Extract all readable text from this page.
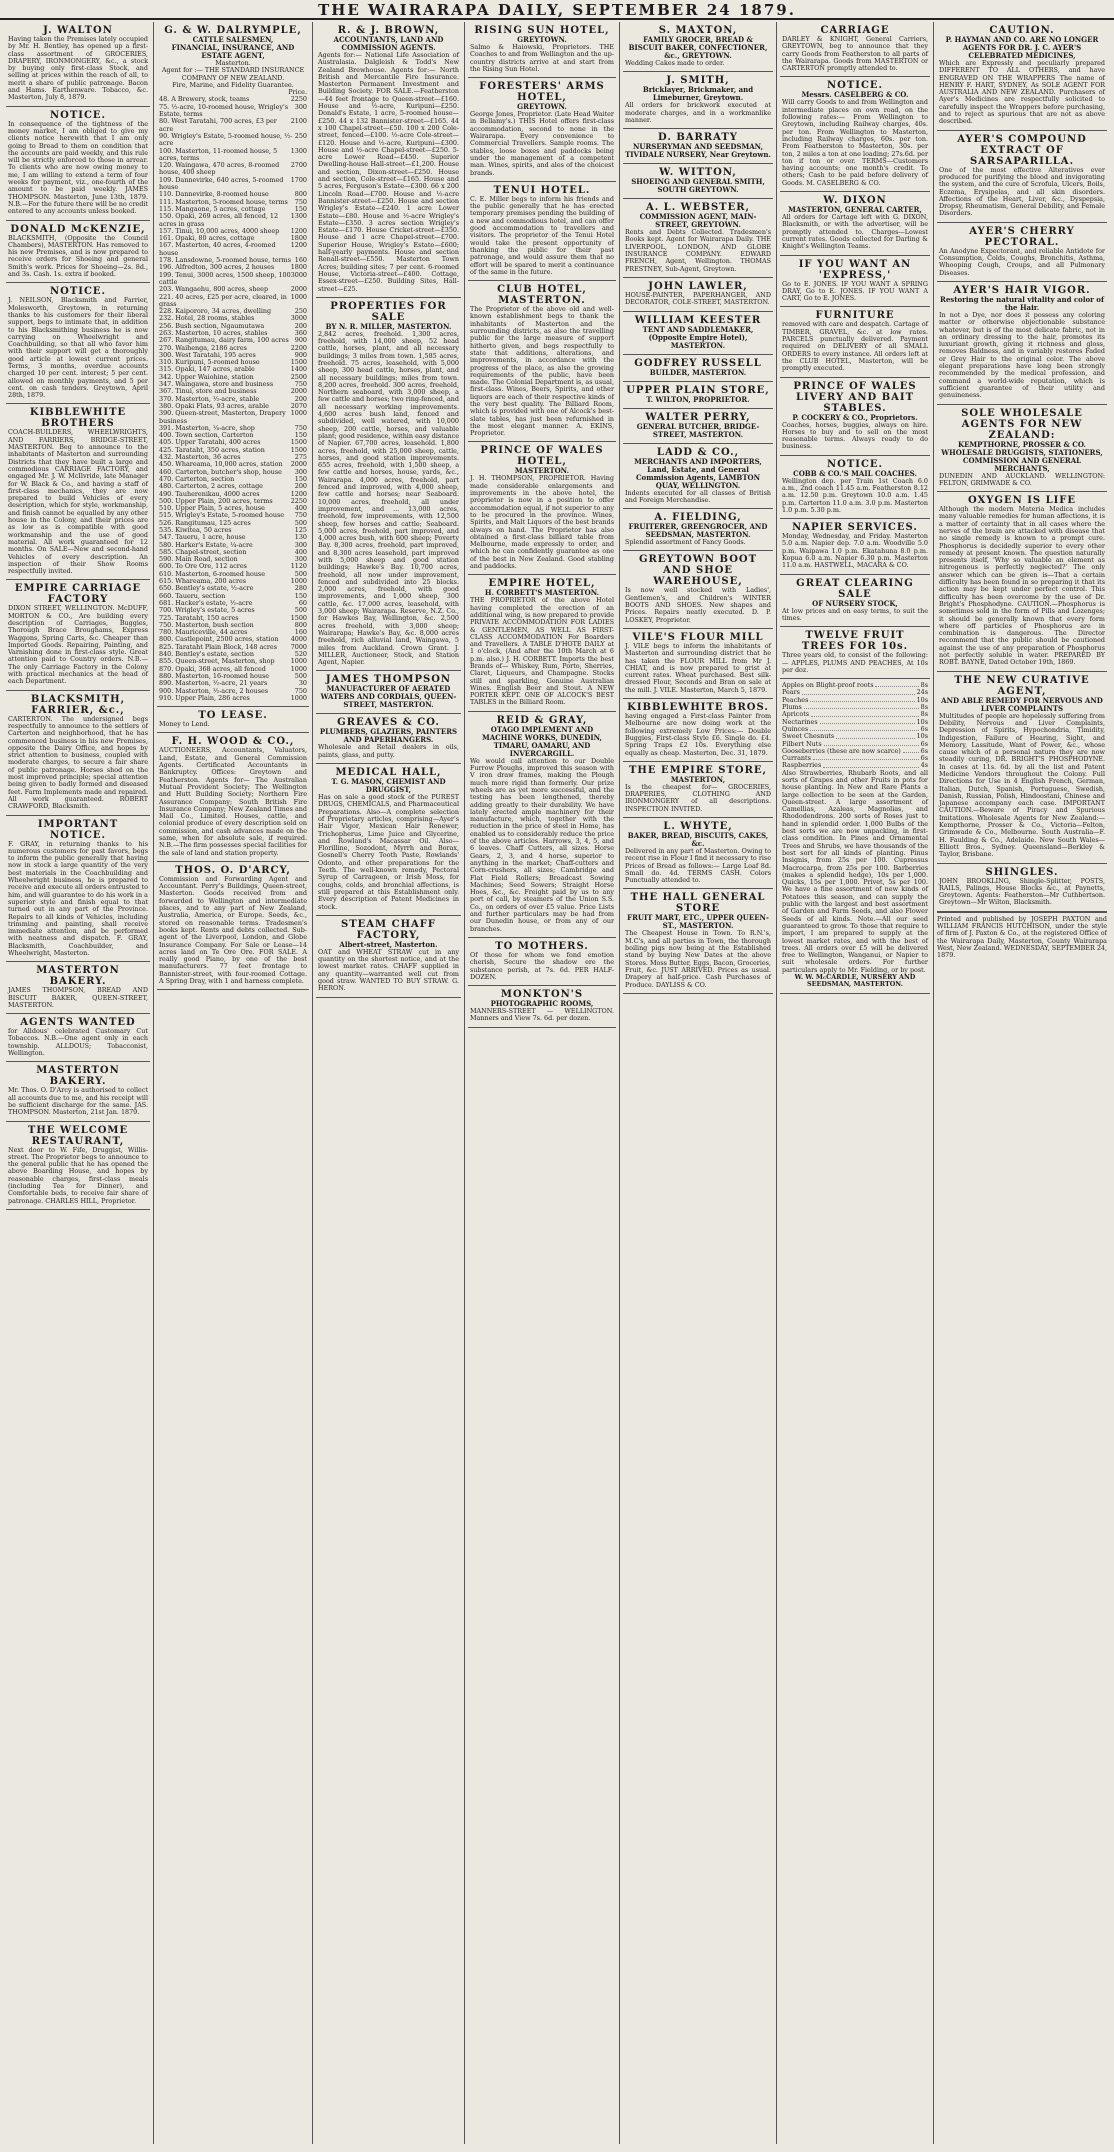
THE WAIRARAPA DAILY, SEPTEMBER 24 1879.
J. WALTON
Having taken the Premises lately occupied by Mr. H. Bentley, has opened up a first-class assortment of GROCERIES, DRAPERY, IRONMONGERY, &c., a stock by buying only first-class Stock, and selling at prices within the reach of all, to merit a share of public patronage. Bacon and Hams. Earthenware. Tobacco, &c. Masterton, July 8, 1879.
NOTICE.
In consequence of the tightness of the money market, I am obliged to give my clients notice herewith that I am only going to Bread to them on condition that the accounts are paid weekly, and this rule will be strictly enforced to those in arrear. To clients who are now owing money to me, I am willing to extend a term of four weeks for payment, viz., one-fourth of the amount to be paid weekly. JAMES THOMPSON. Masterton, June 13th, 1879. N.B.—For the future there will be no credit entered to any accounts unless booked.
DONALD McKENZIE,
BLACKSMITH, (Opposite the Council Chambers), MASTERTON. Has removed to his new Premises, and is now prepared to receive orders for Shoeing and general Smith's work. Prices for Shoeing—2s. 8d., and 3s. Cash. 1s. extra if booked.
NOTICE.
J. NEILSON, Blacksmith and Farrier, Molesworth, Greytown, in returning thanks to his customers for their liberal support, begs to intimate that, in addition to his Blacksmithing business he is now carrying on Wheelwright and Coachbuilding, so that all who favor him with their support will get a thoroughly good article at lowest current prices. Terms, 3 months, overdue accounts charged 10 per cent. interest; 5 per cent. allowed on monthly payments, and 5 per cent. on cash tenders. Greytown, April 28th, 1879.
KIBBLEWHITE BROTHERS
COACH-BUILDERS, WHEELWRIGHTS, AND FARRIERS, BRIDGE-STREET, MASTERTON. Beg to announce to the inhabitants of Masterton and surrounding Districts that they have built a large and commodious CARRIAGE FACTORY, and engaged Mr. J. W. McIlvride, late Manager for W. Black & Co., and having a staff of first-class mechanics, they are now prepared to build Vehicles of every description, which for style, workmanship, and finish cannot be equalled by any other house in the Colony, and their prices are as low as is compatible with good workmanship and the use of good material. All work guaranteed for 12 months. On SALE—New and second-hand Vehicles of every description. An inspection of their Show Rooms respectfully invited.
EMPIRE CARRIAGE FACTORY
DIXON STREET, WELLINGTON. McDUFF, MORTON & CO., Are building every description of Carriages, Buggies, Thorough Brace Broughams, Express Waggons, Spring Carts, &c. Cheaper than Imported Goods. Repairing, Painting, and Varnishing done in first-class style. Great attention paid to Country orders. N.B.—The only Carriage Factory in the Colony with practical mechanics at the head of each Department.
BLACKSMITH, FARRIER, &c.,
CARTERTON. The undersigned begs respectfully to announce to the settlers of Carterton and neighborhood, that he has commenced business in his new Premises, opposite the Dairy Office, and hopes by strict attention to business, coupled with moderate charges, to secure a fair share of public patronage. Horses shod on the most improved principle; special attention being given to badly formed and diseased feet. Farm Implements made and repaired. All work guaranteed. ROBERT CRAWFORD, Blacksmith.
IMPORTANT NOTICE.
F. GRAY, in returning thanks to his numerous customers for past favors, begs to inform the public generally that having now in stock a large quantity of the very best materials in the Coachbuilding and Wheelwright business, he is prepared to receive and execute all orders entrusted to him, and will guarantee to do his work in a superior style and finish equal to that turned out in any part of the Province. Repairs to all kinds of Vehicles, including trimming and painting, shall receive immediate attention, and be performed with neatness and dispatch. F. GRAY, Blacksmith, Coachbuilder, and Wheelwright, Masterton.
MASTERTON BAKERY.
JAMES THOMPSON, BREAD AND BISCUIT BAKER, QUEEN-STREET, MASTERTON.
AGENTS WANTED
for Alldous' celebrated Customary Cut Tobaccos. N.B.—One agent only in each township. ALLDOUS; Tobacconist, Wellington.
MASTERTON BAKERY.
Mr. Thos. O. D'Arcy is authorised to collect all accounts due to me, and his receipt will be sufficient discharge for the same. JAS. THOMPSON. Masterton, 21st Jan. 1879.
THE WELCOME RESTAURANT,
Next door to W. Fife, Druggist, Willis-street. The Proprietor begs to announce to the general public that he has opened the above Boarding House, and hopes by reasonable charges, first-class meals (including Tea for Dinner), and Comfortable beds, to receive fair share of patronage. CHARLES HILL, Proprietor.
G. & W. DALRYMPLE,
CATTLE SALESMEN,
FINANCIAL, INSURANCE, AND ESTATE AGENT,
Masterton.
Agent for :— THE STANDARD INSURANCE COMPANY OF NEW ZEALAND.
Fire, Marine, and Fidelity Guarantee.
Price.
48. A Brewery, stock, teams	2250
75. ½-acre, 10-roomed house, Wrigley's Estate, terms
300
80. West Taratahi, 700 acres, £3 per acre
2100
90. Wrigley's Estate, 5-roomed house, ½-acre
250
100. Masterton, 11-roomed house, 5 acres, terms
1300
120. Waingawa, 470 acres, 8-roomed house, 400 sheep
2700
109. Dannevirke, 640 acres, 5-roomed house
1700
110. Dannevirke, 8-roomed house	800
111. Masterton, 5-roomed house, terms 750
115. Mangaone, 5 acres, cottage	150
150. Opaki, 269 acres, all fenced, 12 acres in grass
1300
157. Tinui, 10,000 acres, 4000 sheep 1200
161. Opaki, 80 acres, cottage	1800
167. Masterton, 40 acres, 4-roomed house
1200
178. Lansdowne, 5-roomed house, terms 160
196. Alfredton, 300 acres, 2 houses	1800
199. Tenui, 3000 acres, 1500 sheep, 100 cattle
3000
203. Wangaehu, 800 acres, sheep	2000
221. 40 acres, £25 per acre, cleared, in grass
1000
228. Kaipororo, 34 acres, dwelling	250
232. Hotel, 28 rooms, stables	3000
256. Bush section, Ngaumutawa	200
263. Masterton, 10 acres, stables	360
267. Rangitumau, dairy farm, 100 acres 900
270. Waihenga, 2186 acres	2200
300. West Taratahi, 195 acres	900
310. Kuripuni, 5-roomed house	1500
315. Opaki, 147 acres, arable	1400
342. Upper Waiohine, station	2500
347. Waingawa, store and business	750
367. Tinui, store and business	2000
370. Masterton, ½-acre, stable	200
380. Opaki Flats, 93 acres, arable	2070
390. Queen-street, Masterton, Drapery business
1000
391. Masterton, ¼-acre, shop	750
400. Town section, Carterton	150
405. Upper Taratahi, 400 acres	1500
425. Tarataht, 350 acres, station	1500
432. Masterton, 36 acres	275
450. Whareama, 10,000 acres, station 2000
460. Carterton, butcher's shop, house 300
470. Carterton, section	150
480. Carterton, 2 acres, cottage	200
490. Tauherenikau, 4000 acres	1200
500. Upper Plain, 200 acres, terms	2250
510. Upper Plain, 5 acres, house	400
515. Wrigley's Estate, 5-roomed house 750
526. Rangitumau, 125 acres	500
535. Kiwitea, 50 acres	125
547. Taueru, 1 acre, house	130
580. Harker's Estate, ¼-acre	300
585. Chapel-street, section	400
590. Main Road, section	300
600. To Ore Ore, 112 acres	1120
610. Masterton, 6-roomed house	500
615. Whareama, 200 acres	1000
650. Bentley's estate, ½-acre	280
660. Taueru, section	150
681. Hacker's estate, ½-acre	60
700. Wrigley's estate, 5 acres	500
725. Tarataht, 150 acres	1500
750. Masterton, bush section	800
780. Mauriceville, 44 acres	160
800. Castlepoint, 2500 acres, station 4000
825. Tarataht Plain Block, 148 acres 7000
840. Bentley's estate, section	520
855. Queen-street, Masterton, shop	1000
870. Opaki, 368 acres, all fenced	1000
880. Masterton, 16-roomed house	500
890. Masterton, ½-acre, 21 years	30
900. Masterton, ½-acre, 2 houses	750
910. Upper Plain, 286 acres	1000
TO LEASE.
Money to Lend.
F. H. WOOD & CO.,
AUCTIONEERS, Accountants, Valuators, Land, Estate, and General Commission Agents. Certificated Accountants in Bankruptcy. Offices: Greytown and Featherston. Agents for— The Australian Mutual Provident Society; The Wellington and Hutt Building Society; Northern Fire Assurance Company; South British Fire Insurance Company; New Zealand Times and Mail Co., Limited. Houses, cattle, and colonial produce of every description sold on commission, and cash advances made on the same, when for absolute sale, if required. N.B.—The firm possesses special facilities for the sale of land and station property.
THOS. O. D'ARCY,
Commission and Forwarding Agent and Accountant. Perry's Buildings, Queen-street, Masterton. Goods received from and forwarded to Wellington and intermediate places, and to any part of New Zealand, Australia, America, or Europe. Seeds, &c., stored on reasonable terms. Tradesmen's books kept. Rents and debts collected. Sub-agent of the Liverpool, London, and Globe Insurance Company. For Sale or Lease—14 acres land on Te Ore Ore. FOR SALE. A really good Piano, by one of the best manufacturers. 77 feet frontage to Bannister-street, with four-roomed Cottage. A Spring Dray, with 1 and harness complete.
R. & J. BROWN,
ACCOUNTANTS, LAND AND COMMISSION AGENTS.
Agents for:— National Life Association of Australasia. Dalgleish & Todd's New Zealand Brewhouse. Agents for:— North British and Mercantile Fire Insurance. Masterton Permanent Investment and Building Society. FOR SALE.—Featherston—44 feet frontage to Queen-street—£160. House and ½-acre, Kuripuni—£250. Donald's Estate, 1 acre, 5-roomed house—£250. 44 x 132 Bannister-street—£165. 44 x 100 Chapel-street—£50. 100 x 200 Cole-street, fenced—£100. ½-acre Cole-street—£120. House and ½-acre, Kuripuni—£300. House and ½-acre Chapel-street—£250. 5-acre Lower Road—£450. Superior Dwelling-house Hall-street—£1,200. House and section, Dixon-street—£250. House and section, Cole-street—£165. House and 5 acres, Ferguson's Estate—£300. 66 x 200 Lincoln Road—£700. House and ½-acre Bannister-street—£250. House and section Wrigley's Estate—£240. 1 acre Lower Estate—£80. House and ½-acre Wrigley's Estate—£350. 3 acres section Wrigley's Estate—£170. House Cricket-street—£350. House and 1 acre Chapel-street—£700. Superior House, Wrigley's Estate—£600; half-yearly payments. House and section Renall-street—£550. Masterton Town Acres; building sites; 7 per cent. 6-roomed House, Victoria-street—£400. Cottage, Essex-street—£250. Building Sites, Hall-street—£25.
PROPERTIES FOR SALE
BY N. R. MILLER, MASTERTON.
2,842 acres, freehold. 1,300 acres, freehold, with 14,000 sheep, 52 head cattle, horses, plant, and all necessary buildings; 3 miles from town. 1,585 acres, freehold. 75 acres, leasehold, with 5,000 sheep, 300 head cattle, horses, plant, and all necessary buildings; miles from town. 8,200 acres, freehold. 300 acres, freehold, Northern seaboard, with 3,000 sheep, a few cattle and horses; two ring-fenced, and all necessary working improvements. 4,600 acres bush land, fenced and subdivided, well watered, with 10,000 sheep, 200 cattle, horses, and valuable plant; good residence, within easy distance of Napier. 67,700 acres, leasehold. 1,800 acres, freehold, with 25,000 sheep, cattle, horses, and good station improvements. 655 acres, freehold, with 1,500 sheep, a few cattle and horses, house, yards, &c., Wairarapa. 4,000 acres, freehold, part fenced and improved, with 4,000 sheep, few cattle and horses; near Seaboard. 10,000 acres, freehold, all under improvement, and ... 13,000 acres, freehold, few improvements, with 12,500 sheep, few horses and cattle; Seaboard. 5,000 acres, freehold, part improved, and 4,000 acres bush, with 600 sheep; Poverty Bay. 8,300 acres, freehold, part improved, and 8,300 acres leasehold, part improved with 5,000 sheep and good station buildings; Hawke's Bay. 10,700 acres, freehold, all now under improvement, fenced and subdivided into 25 blocks. 2,000 acres, freehold, with good improvements, and 1,000 sheep, 300 cattle, &c. 17,000 acres, leasehold, with 3,000 sheep; Wairarapa. Reserve, N.Z. Co., for Hawkes Bay, Wellington, &c. 2,500 acres freehold, with 3,000 sheep; Wairarapa; Hawke's Bay, &c. 8,000 acres freehold, rich alluvial land, Waingawa, 5 miles from Auckland. Crown Grant. J. MILLER, Auctioneer, Stock, and Station Agent, Napier.
JAMES THOMPSON
MANUFACTURER OF AERATED WATERS AND CORDIALS, QUEEN-STREET, MASTERTON.
GREAVES & CO.
PLUMBERS, GLAZIERS, PAINTERS AND PAPERHANGERS.
Wholesale and Retail dealers in oils, paints, glass, and putty.
MEDICAL HALL,
T. G. MASON, CHEMIST AND DRUGGIST,
Has on sale a good stock of the PUREST DRUGS, CHEMICALS, and Pharmaceutical Preparations. Also—A complete selection of Proprietary articles, comprising—Ayer's Hair Vigor, Mexican Hair Renewer, Trichopherus, Lime Juice and Glycerine, and Rowland's Macassar Oil. Also—Florilline, Sozodont, Myrrh and Borax, Gosnell's Cherry Tooth Paste, Rowlands' Odonto, and other preparations for the Teeth. The well-known remedy, Pectoral Syrup of Carrageen, or Irish Moss, for coughs, colds, and bronchial affections, is still prepared at this Establishment only. Every description of Patent Medicines in stock.
STEAM CHAFF FACTORY,
Albert-street, Masterton.
OAT and WHEAT STRAW cut in any quantity on the shortest notice, and at the lowest market rates. CHAFF supplied in any quantity—warranted well cut from good straw. WANTED TO BUY STRAW. G. HERON.
RISING SUN HOTEL,
GREYTOWN.
Salmo & Haiowski, Proprietors. THE Coaches to and from Wellington and the up-country districts arrive at and start from the Rising Sun Hotel.
FORESTERS' ARMS HOTEL,
GREYTOWN.
George Jones, Proprietor. (Late Head Waiter in Bellamy's.) THIS Hotel offers first-class accommodation, second to none in the Wairarapa. Every convenience to Commercial Travellers. Sample rooms. The stables, loose boxes and paddocks being under the management of a competent man. Wines, spirits, and ales of the choicest brands.
TENUI HOTEL.
C. E. Miller begs to inform his friends and the public generally that he has erected temporary premises pending the building of a new and commodious hotel, and can offer good accommodation to travellers and visitors. The proprietor of the Tenui Hotel would take the present opportunity of thanking the public for their past patronage, and would assure them that no effort will be spared to merit a continuance of the same in the future.
CLUB HOTEL, MASTERTON.
The Proprietor of the above old and well-known establishment begs to thank the inhabitants of Masterton and the surrounding districts, as also the travelling public for the large measure of support hitherto given, and begs respectfully to state that additions, alterations, and improvements, in accordance with the progress of the place, as also the growing requirements of the public, have been made. The Colonial Department is, as usual, first-class. Wines, Beers, Spirits, and other liquors are each of their respective kinds of the very best quality. The Billiard Room, which is provided with one of Alcock's best-slate tables, has just been refurnished in the most elegant manner. A. EKINS, Proprietor.
PRINCE OF WALES HOTEL,
MASTERTON.
J. H. THOMPSON, PROPRIETOR. Having made considerable enlargements and improvements in the above hotel, the proprietor is now in a position to offer accommodation equal, if not superior to any to be procured in the province. Wines, Spirits, and Malt Liquors of the best brands always on hand. The Proprietor has also obtained a first-class billiard table from Melbourne, made expressly to order, and which he can confidently guarantee as one of the best in New Zealand. Good stabling and paddocks.
EMPIRE HOTEL,
H. CORBETT'S MASTERTON.
THE PROPRIETOR of the above Hotel having completed the erection of an additional wing, is now prepared to provide PRIVATE ACCOMMODATION FOR LADIES & GENTLEMEN, AS WELL AS FIRST-CLASS ACCOMMODATION For Boarders and Travellers. A TABLE D'HOTE DAILY at 1 o'clock, (And after the 10th March at 6 p.m. also.) J. H. CORBETT. Imports the best Brands of— Whiskey, Rum, Porto, Sherries, Claret, Liqueurs, and Champagne. Stocks still and sparkling, Genuine Australian Wines. English Beer and Stout. A NEW PORTER KEPT. ONE OF ALCOCK'S BEST TABLES in the Billiard Room.
REID & GRAY,
OTAGO IMPLEMENT AND MACHINE WORKS, DUNEDIN, TIMARU, OAMARU, AND INVERCARGILL.
We would call attention to our Double Furrow Ploughs, improved this season with V iron draw frames, making the Plough much more rigid than formerly. Our prize wheels are as yet more successful, and the testing has been lengthened, thereby adding greatly to their durability. We have lately erected ample machinery for their manufacture, which, together with the reduction in the price of steel in Home, has enabled us to considerably reduce the price of the above articles. Harrows, 3, 4, 5, and 6 leaves. Chaff Cutters, all sizes. Horse Gears, 2, 3, and 4 horse, superior to anything in the market; Chaff-cutters and Corn-crushers, all sizes; Cambridge and Flat Field Rollers; Broadcast Sowing Machines; Seed Sowers; Straight Horse Hoes, &c., &c. Freight paid by us to any port of call, by steamers of the Union S.S. Co., on orders of over £5 value. Price Lists and further particulars may be had from our Dunedin house, or from any of our branches.
TO MOTHERS.
Of those for whom we fond emotion cherish, Secure the shadow ere the substance perish, at 7s. 6d. PER HALF-DOZEN.
MONKTON'S
PHOTOGRAPHIC ROOMS,
MANNERS-STREET — WELLINGTON. Manners and View 7s. 6d. per dozen.
S. MAXTON,
FAMILY GROCER, BREAD & BISCUIT BAKER, CONFECTIONER, &c., GREYTOWN.
Wedding Cakes made to order.
J. SMITH,
Bricklayer, Brickmaker, and Limeburner, Greytown.
All orders for brickwork executed at moderate charges, and in a workmanlike manner.
D. BARRATY
NURSERYMAN AND SEEDSMAN, TIVIDALE NURSERY, Near Greytown.
W. WITTON,
SHOEING AND GENERAL SMITH, SOUTH GREYTOWN.
A. L. WEBSTER,
COMMISSION AGENT, MAIN-STREET, GREYTOWN.
Rents and Debts Collected. Tradesmen's Books kept. Agent for Wairarapa Daily. THE LIVERPOOL, LONDON, AND GLOBE INSURANCE COMPANY. EDWARD FRENCH, Agent, Wellington. THOMAS PRESTNEY, Sub-Agent, Greytown.
JOHN LAWLER,
HOUSE-PAINTER, PAPERHANGER, AND DECORATOR, COLE-STREET, MASTERTON.
WILLIAM KEESTER
TENT AND SADDLEMAKER, (Opposite Empire Hotel), MASTERTON.
GODFREY RUSSELL
BUILDER, MASTERTON.
UPPER PLAIN STORE,
T. WILTON, PROPRIETOR.
WALTER PERRY,
GENERAL BUTCHER, BRIDGE-STREET, MASTERTON.
LADD & CO.,
MERCHANTS AND IMPORTERS, Land, Estate, and General Commission Agents, LAMBTON QUAY, WELLINGTON.
Indents executed for all classes of British and Foreign Merchandise.
A. FIELDING,
FRUITERER, GREENGROCER, AND SEEDSMAN, MASTERTON.
Splendid assortment of Fancy Goods.
GREYTOWN BOOT AND SHOE WAREHOUSE,
Is now well stocked with Ladies', Gentlemen's, and Children's WINTER BOOTS AND SHOES. New shapes and Prices. Repairs neatly executed. D. P. LOSKEY, Proprietor.
VILE'S FLOUR MILL
J. VILE begs to inform the inhabitants of Masterton and surrounding district that he has taken the FLOUR MILL from Mr J. CHIAT, and is now prepared to grist at current rates. Wheat purchased. Best silk-dressed Flour, Seconds and Bran on sale at the mill. J. VILE. Masterton, March 5, 1879.
KIBBLEWHITE BROS.
having engaged a First-class Painter from Melbourne are now doing work at the following extremely Low Prices:— Double Buggies, First-class Style £6. Single do. £4. Spring Traps £2 10s. Everything else equally as cheap. Masterton, Dec. 31, 1879.
THE EMPIRE STORE,
MASTERTON,
Is the cheapest for— GROCERIES, DRAPERIES, CLOTHING AND IRONMONGERY of all descriptions. INSPECTION INVITED.
L. WHYTE,
BAKER, BREAD, BISCUITS, CAKES, &c.
Delivered in any part of Masterton. Owing to recent rise in Flour I find it necessary to rise Prices of Bread as follows:— Large Loaf 8d. Small do. 4d. TERMS CASH. Colors Punctually attended to.
THE HALL GENERAL STORE
FRUIT MART, ETC., UPPER QUEEN-ST., MASTERTON.
The Cheapest House in Town. To R.N.'s, M.C's, and all parties in Town, the thorough boiling pigs now being at the Established stand by buying New Dates at the above Stores. Moss Butter, Eggs, Bacon, Groceries, Fruit, &c. JUST ARRIVED. Prices as usual. Drapery at half-price. Cash Purchases of Produce. DAYLISS & CO.
CARRIAGE
DARLEY & KNIGHT, General Carriers, GREYTOWN, beg to announce that they carry Goods from Featherston to all parts of the Wairarapa. Goods from MASTERTON or CARTERTON promptly attended to.
NOTICE.
Messrs. CASELBERG & CO.
Will carry Goods to and from Wellington and intermediate places on own road, on the following rates:— From Wellington to Greytown, including Railway charges, 40s. per ton. From Wellington to Masterton, including Railway charges, 60s. per ton. From Featherston to Masterton, 30s. per ton, 2 miles a ton at one loading; 27s.6d. per ton if ton or over. TERMS—Customers having accounts; one month's credit. To others; Cash to be paid before delivery of Goods. M. CASELBERG & CO.
W. DIXON
MASTERTON, GENERAL CARTER,
All orders for Cartage left with G. DIXON, Blacksmith, or with the advertiser, will be promptly attended to. Charges—Lowest current rates. Goods collected for Darling & Knight's Wellington Teams.
IF YOU WANT AN 'EXPRESS,'
Go to E. JONES. IF YOU WANT A SPRING DRAY, Go to E. JONES. IF YOU WANT A CART, Go to E. JONES.
FURNITURE
removed with care and despatch. Cartage of TIMBER, GRAVEL, &c. at low rates. PARCELS punctually delivered. Payment required on DELIVERY of all SMALL ORDERS to every instance. All orders left at the CLUB HOTEL, Masterton, will be promptly executed.
PRINCE OF WALES LIVERY AND BAIT STABLES.
P. COCKERY & CO., Proprietors.
Coaches, horses, buggies, always on hire. Horses to buy and to sell on the most reasonable terms. Always ready to do business.
NOTICE.
COBB & CO.'S MAIL COACHES.
Wellington dep. per Train 1st Coach 6.0 a.m., 2nd coach 11.45 a.m. Featherston 8.12 a.m. 12.50 p.m. Greytown 10.0 a.m. 1.45 p.m. Carterton 11.0 a.m. 3.0 p.m. Masterton 1.0 p.m. 5.30 p.m.
NAPIER SERVICES.
Monday, Wednesday, and Friday. Masterton 5.0 a.m. Napier dep. 7.0 a.m. Woodville 5.0 p.m. Waipawa 1.0 p.m. Ekatahuna 8.0 p.m. Kopua 6.0 a.m. Napier 6.30 p.m. Masterton 11.0 a.m. HASTWELL, MACARA & CO.
GREAT CLEARING SALE
OF NURSERY STOCK,
At low prices and on easy terms, to suit the times.
TWELVE FRUIT TREES FOR 10s.
Three years old, to consist of the following:— APPLES, PLUMS AND PEACHES, At 10s per doz.
Apples on Blight-proof roots	8s
Pears	24s
Peaches	10s
Plums	8s
Apricots	8s
Nectarines	10s
Quinces	6s
Sweet Chesnuts	10s
Filbert Nuts	6s
Gooseberries (these are now scarce)	6s
Currants	6s
Raspberries	4s
Also Strawberries, Rhubarb Roots, and all sorts of Grapes and other Fruits in pots for house planting. In New and Rare Plants a large collection to be seen at the Garden, Queen-street. A large assortment of Camellias, Azaleas, Magnolias, and Rhododendrons. 200 sorts of Roses just to hand in splendid order. 1,000 Bulbs of the best sorts we are now unpacking, in first-class condition. In Pines and Ornamental Trees and Shrubs, we have thousands of the best sort for all kinds of planting. Pinus Insignis, from 25s per 100. Cupressus Macrocarpa, from 25s per 100. Barberries (makes a splendid hedge), 10s per 1,000. Quicks, 15s per 1,000. Privet, 5s per 100. We have a fine assortment of new kinds of Potatoes this season, and can supply the public with the largest and best assortment of Garden and Farm Seeds, and also Flower Seeds of all kinds. Note.—All our seed guaranteed to grow. To those that require to import, I am prepared to supply at the lowest market rates, and with the best of trees. All orders over £5 will be delivered free to Wellington, Wanganui, or Napier to suit wholesale orders. For further particulars apply to Mr. Fielding, or by post.
W. W. McCARDLE, NURSERY AND SEEDSMAN, MASTERTON.
CAUTION.
P. HAYMAN AND CO. ARE NO LONGER AGENTS FOR DR. J. C. AYER'S CELEBRATED MEDICINES,
Which are Expressly and peculiarly prepared DIFFERENT TO ALL OTHERS, and have ENGRAVED ON THE WRAPPERS The name of HENRY F. HART, SYDNEY, As SOLE AGENT FOR AUSTRALIA AND NEW ZEALAND. Purchasers of Ayer's Medicines are respectfully solicited to carefully inspect the Wrappers before purchasing, and to reject as spurious that are not as above described.
AYER'S COMPOUND EXTRACT OF SARSAPARILLA.
One of the most effective Alteratives ever produced for purifying the blood and invigorating the system, and the cure of Scrofula, Ulcers, Boils, Eczema, Erysipelas, and all skin disorders. Affections of the Heart, Liver, &c., Dyspepsia, Dropsy, Rheumatism, General Debility, and Female Disorders.
AYER'S CHERRY PECTORAL.
An Anodyne Expectorant, and reliable Antidote for Consumption, Colds, Coughs, Bronchitis, Asthma, Whooping Cough, Croups, and all Pulmonary Diseases.
AYER'S HAIR VIGOR.
Restoring the natural vitality and color of the Hair.
In not a Dye, nor does it possess any coloring matter or otherwise objectionable substance whatever, but is of the most delicate fabric, not in an ordinary dressing to the hair, promotes its luxuriant growth, giving it richness and gloss, removes Baldness, and in variably restores Faded or Grey Hair to the original color. The above elegant preparations have long been strongly recommended by the medical profession, and command a world-wide reputation, which is sufficient guarantee of their utility and genuineness.
SOLE WHOLESALE AGENTS FOR NEW ZEALAND:
KEMPTHORNE, PROSSER & CO. WHOLESALE DRUGGISTS, STATIONERS, COMMISSION AND GENERAL MERCHANTS,
DUNEDIN AND AUCKLAND. WELLINGTON: FELTON, GRIMWADE & CO.
OXYGEN IS LIFE
Although the modern Materia Medica includes many valuable remedies for human affections, it is a matter of certainty that in all cases where the nerves of the brain are attacked with disease that no single remedy is known to a prompt cure. Phosphorus is decidedly superior to every other remedy at present known. The question naturally presents itself, 'Why so valuable an element as nitrogenous is perfectly neglected?' The only answer which can be given is—That a certain difficulty has been found in so preparing it that its action may be kept under perfect control. This difficulty has been overcome by the use of Dr. Bright's Phosphodyne. CAUTION.—Phosphorus is sometimes sold in the form of Pills and Lozenges; it should be generally known that every form where off particles of Phosphorus are in combination is dangerous. The Director recommend that the public should be cautioned against the use of any preparation of Phosphorus not perfectly soluble in water. PREPARED BY ROBT. BAYNE, Dated October 19th, 1869.
THE NEW CURATIVE AGENT,
AND ABLE REMEDY FOR NERVOUS AND LIVER COMPLAINTS
Multitudes of people are hopelessly suffering from Debility, Nervous and Liver Complaints, Depression of Spirits, Hypochondria, Timidity, Indigestion, Failure of Hearing, Sight, and Memory, Lassitude, Want of Power, &c., whose cause which of a personal nature they are now steadily curing, DR. BRIGHT'S PHOSPHODYNE. In cases at 11s. 6d. by all the list and Patent Medicine Vendors throughout the Colony. Full Directions for Use in 4 English French, German, Italian, Dutch, Spanish, Portuguese, Swedish, Danish, Russian, Polish, Hindoostani, Chinese and Japanese accompany each case. IMPORTANT CAUTION.—Beware of Piracy and Spurious Imitations. Wholesale Agents for New Zealand:— Kempthorne, Prosser & Co., Victoria—Felton, Grimwade & Co., Melbourne. South Australia—F. H. Faulding & Co., Adelaide. New South Wales—Elliott Bros., Sydney. Queensland—Berkley & Taylor, Brisbane.
SHINGLES.
JOHN BROOKLING, Shingle-Splitter, POSTS, RAILS, Palings, House Blocks &c., at Paynetts, Greytown. Agents: Featherston—Mr Cuthbertson. Greytown—Mr Wilton, Blacksmith.
Printed and published by JOSEPH PAXTON and WILLIAM FRANCIS HUTCHISON, under the style of firm of J. Paxton & Co., at the registered Office of the Wairarapa Daily, Masterton, County Wairarapa West, New Zealand. WEDNESDAY, SEPTEMBER 24, 1879.
